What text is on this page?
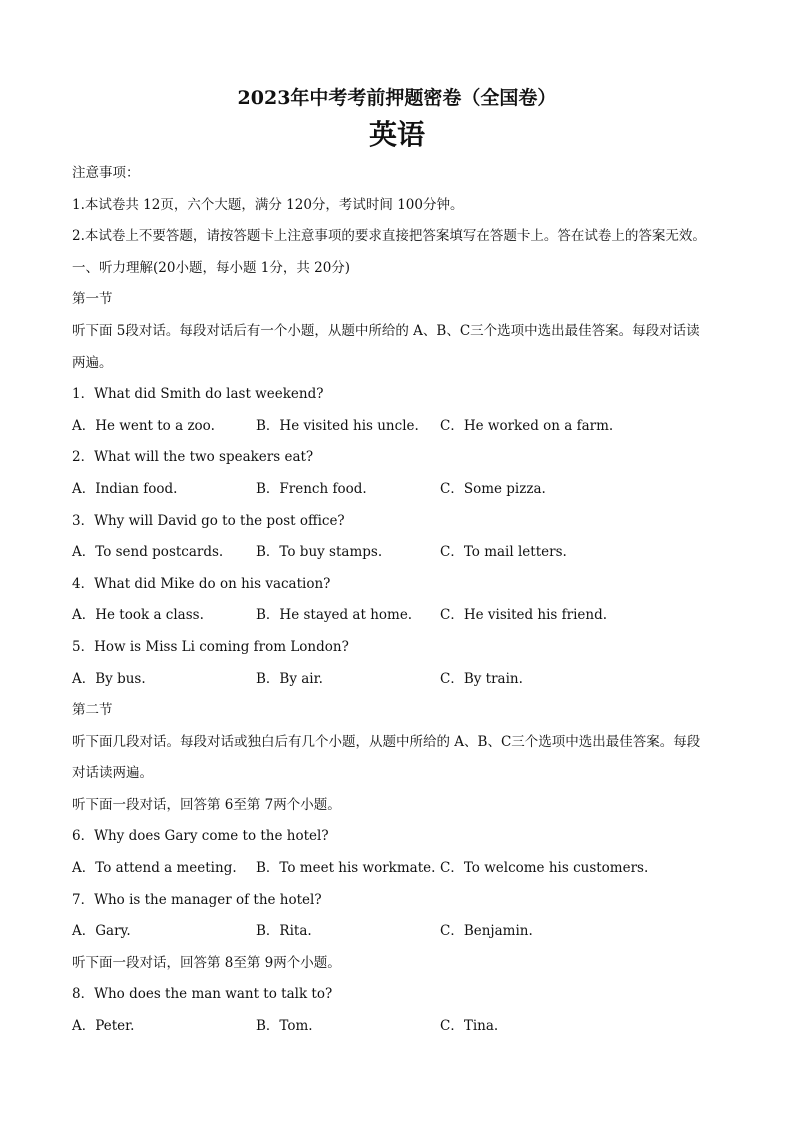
2023年中考考前押题密卷（全国卷）
英语
注意事项：
1.本试卷共 12页，六个大题，满分 120分，考试时间 100分钟。
2.本试卷上不要答题，请按答题卡上注意事项的要求直接把答案填写在答题卡上。答在试卷上的答案无效。
一、听力理解(20小题，每小题 1分，共 20分)
第一节
听下面 5段对话。每段对话后有一个小题，从题中所给的 A、B、C三个选项中选出最佳答案。每段对话读
两遍。
1．What did Smith do last weekend?
A．He went to a zoo.	B．He visited his uncle.	C．He worked on a farm.
2．What will the two speakers eat?
A．Indian food.	B．French food.	C．Some pizza.
3．Why will David go to the post office?
A．To send postcards.	B．To buy stamps.	C．To mail letters.
4．What did Mike do on his vacation?
A．He took a class.	B．He stayed at home.	C．He visited his friend.
5．How is Miss Li coming from London?
A．By bus.	B．By air.	C．By train.
第二节
听下面几段对话。每段对话或独白后有几个小题，从题中所给的 A、B、C三个选项中选出最佳答案。每段
对话读两遍。
听下面一段对话，回答第 6至第 7两个小题。
6．Why does Gary come to the hotel?
A．To attend a meeting.	B．To meet his workmate. C．To welcome his customers.
7．Who is the manager of the hotel?
A．Gary.	B．Rita.	C．Benjamin.
听下面一段对话，回答第 8至第 9两个小题。
8．Who does the man want to talk to?
A．Peter.	B．Tom.	C．Tina.
